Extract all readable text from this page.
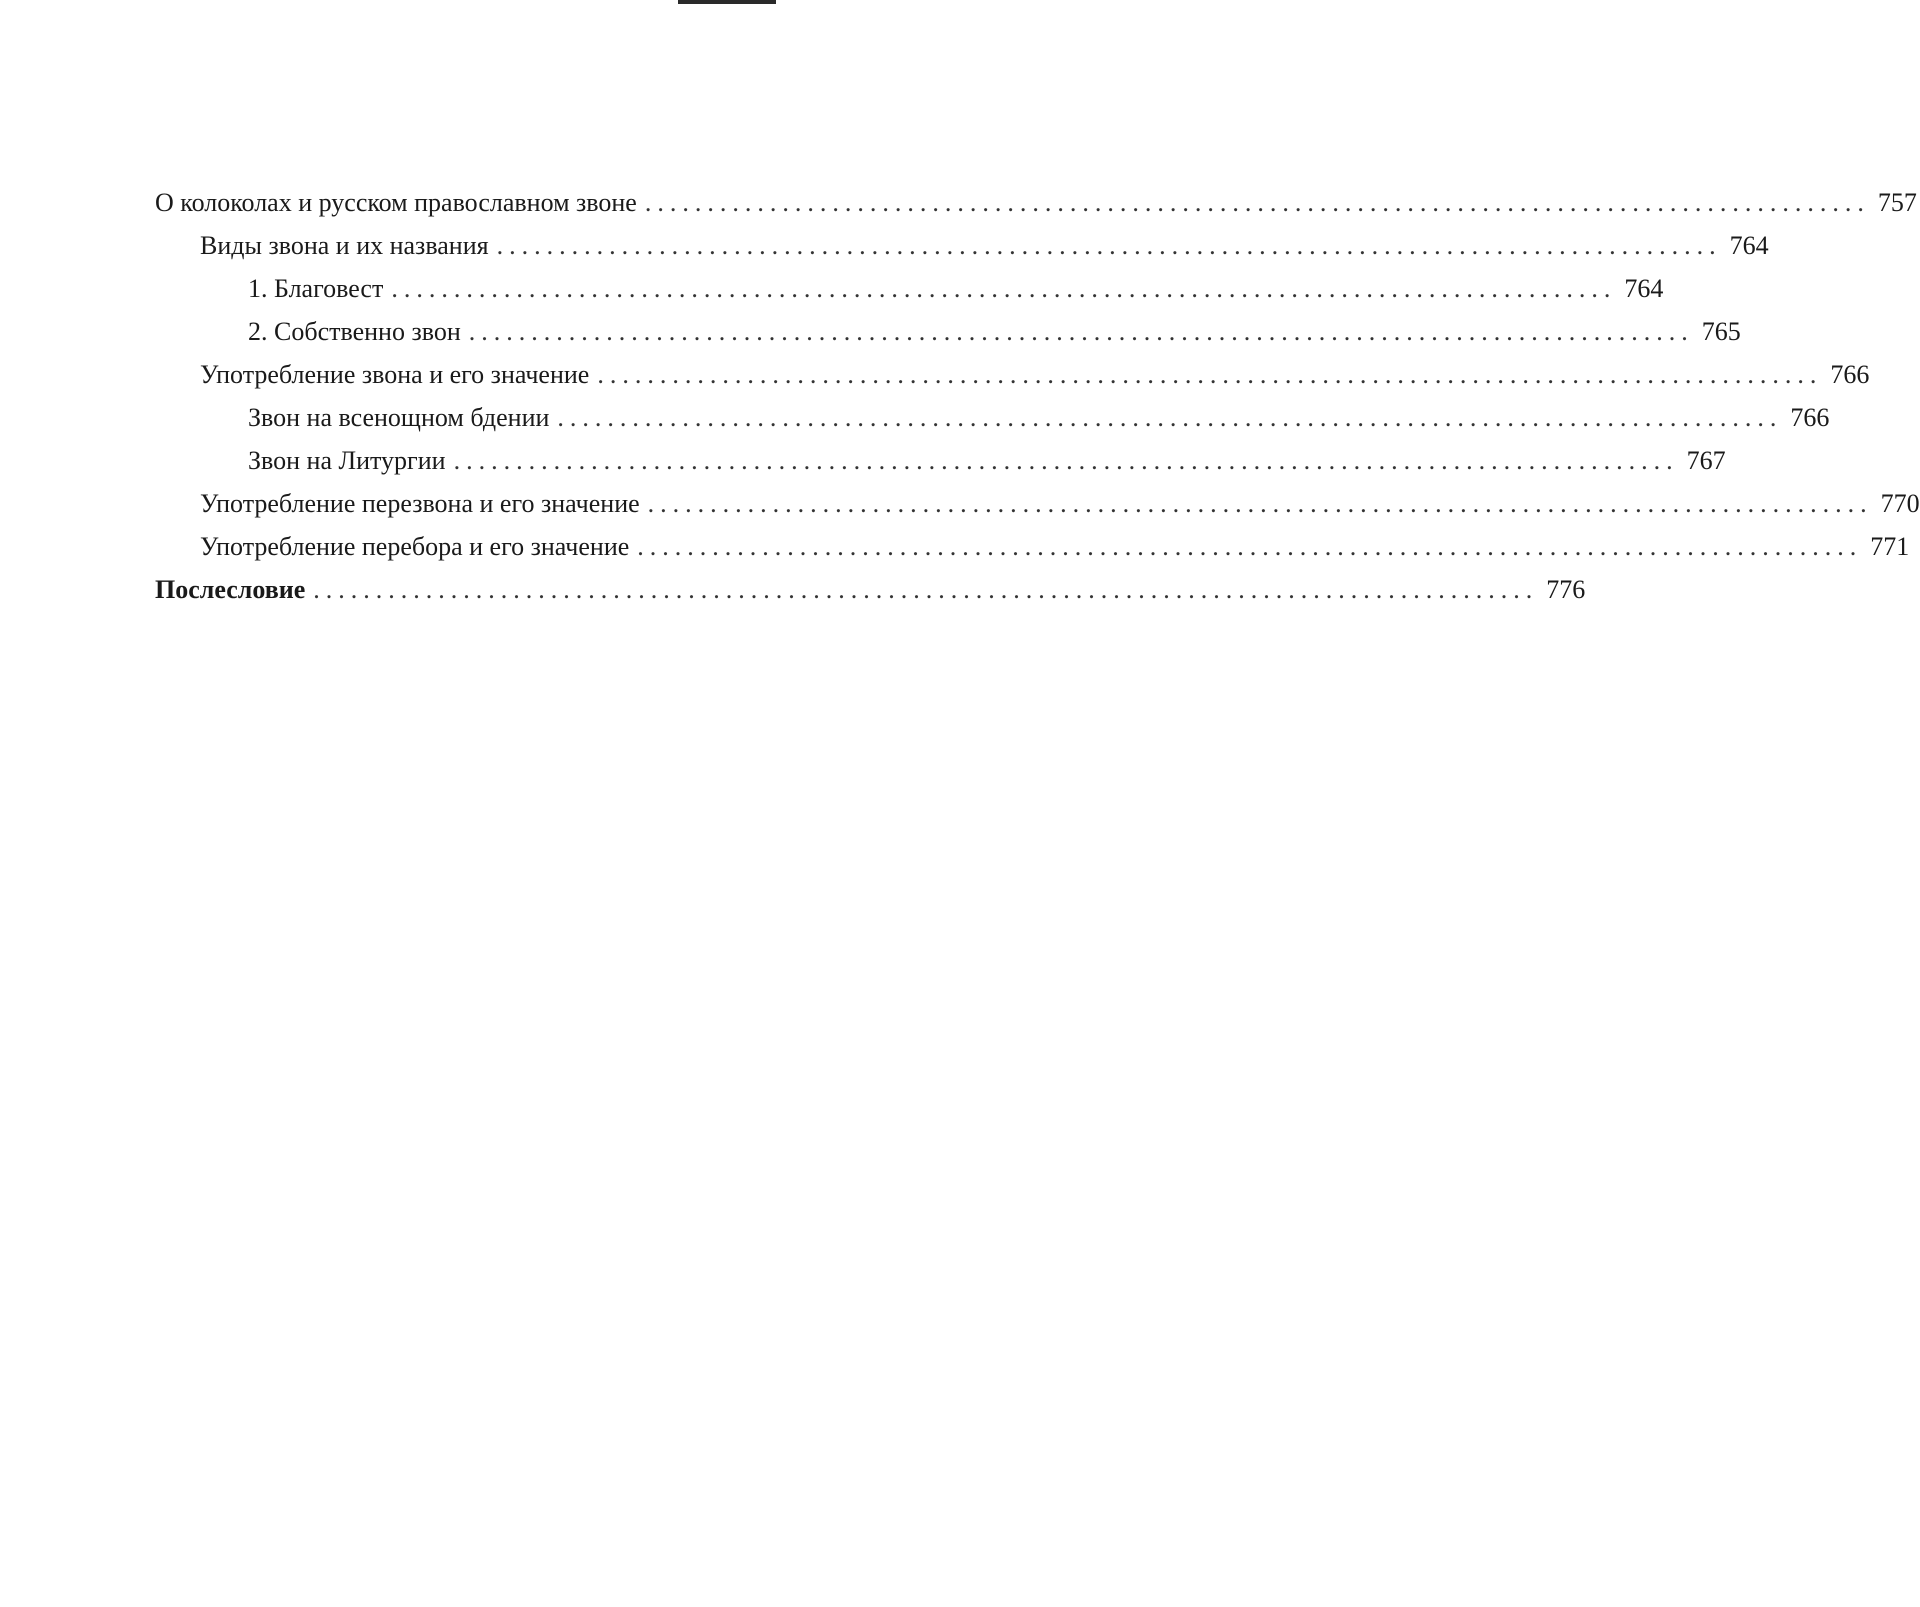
О колоколах и русском православном звоне .................................................................................................. 757
Виды звона и их названия .................................................................................................. 764
1. Благовест .................................................................................................. 764
2. Собственно звон .................................................................................................. 765
Употребление звона и его значение .................................................................................................. 766
Звон на всенощном бдении .................................................................................................. 766
Звон на Литургии .................................................................................................. 767
Употребление перезвона и его значение .................................................................................................. 770
Употребление перебора и его значение .................................................................................................. 771
Послесловие .................................................................................................. 776
